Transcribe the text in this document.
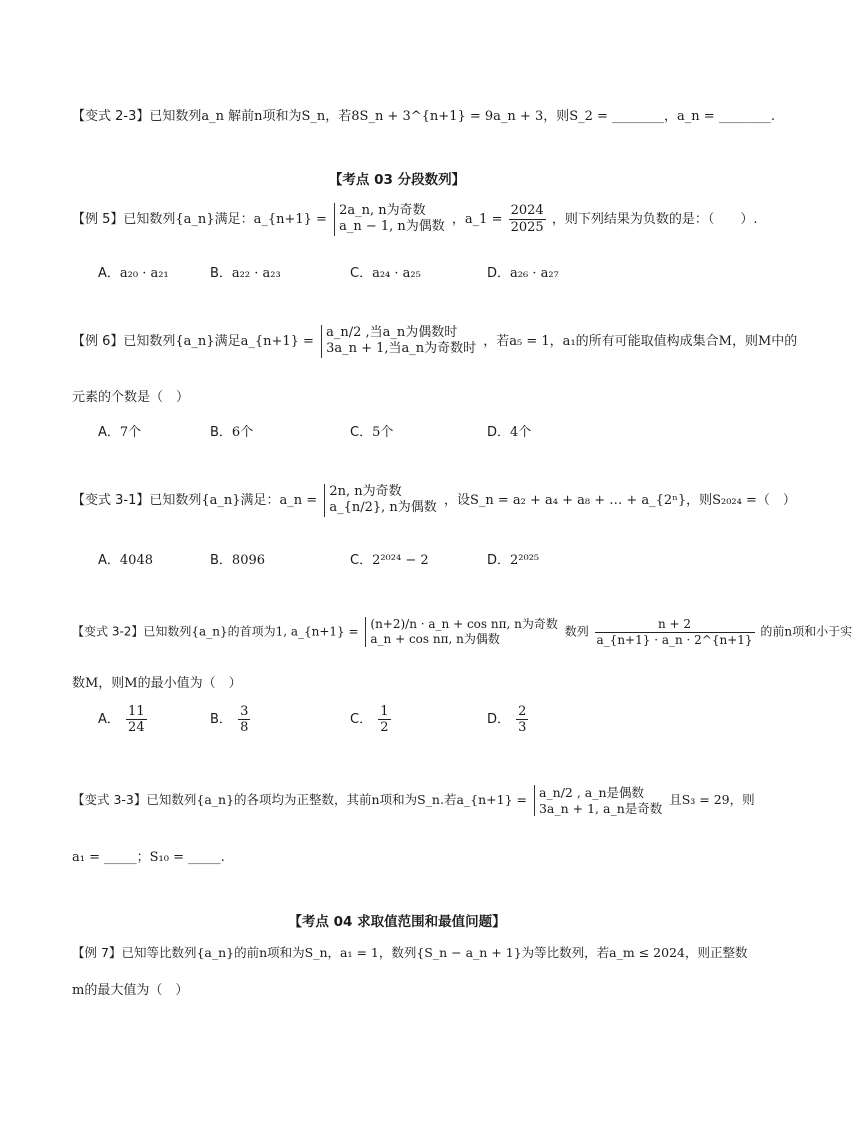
【变式 2-3】已知数列a_n 解前n项和为S_n，若8S_n + 3^{n+1} = 9a_n + 3，则S_2 = ________，a_n = ________.
【考点 03 分段数列】
【例 5】已知数列{a_n}满足：a_{n+1} =
2a_n, n为奇数
a_n − 1, n为偶数 ，a_1 = $\frac{2024}{2025}$ ，则下列结果为负数的是：（　　）.
A．a₂₀ · a₂₁	B．a₂₂ · a₂₃	C．a₂₄ · a₂₅	D．a₂₆ · a₂₇
【例 6】已知数列{a_n}满足a_{n+1} =
a_n/2 ,当a_n为偶数时
3a_n + 1,当a_n为奇数时 ，若a₅ = 1，a₁的所有可能取值构成集合M，则M中的
元素的个数是（　）
A．7个	B．6个	C．5个	D．4个
【变式 3-1】已知数列{a_n}满足：a_n =
2n, n为奇数
a_{n/2}, n为偶数 ，设S_n = a₂ + a₄ + a₈ + … + a_{2ⁿ}，则S₂₀₂₄ =（　）
A．4048	B．8096	C．2²⁰²⁴ − 2	D．2²⁰²⁵
【变式 3-2】已知数列{a_n}的首项为1, a_{n+1} =
(n+2)/n · a_n + cos nπ, n为奇数
a_n + cos nπ, n为偶数
数列 $\frac{n + 2}{a\_\{n+1\} \cdot a\_n \cdot 2\^{}\{n+1\}}$ 的前n项和小于实
数M，则M的最小值为（　）
A． $\frac{11}{24}$	B． $\frac{3}{8}$	C． $\frac{1}{2}$	D． $\frac{2}{3}$
【变式 3-3】已知数列{a_n}的各项均为正整数，其前n项和为S_n.若a_{n+1} = a_n/2 , a_n是偶数
3a_n + 1, a_n是奇数
且S₃ = 29，则
a₁ = _____；S₁₀ = _____.
【考点 04 求取值范围和最值问题】
【例 7】已知等比数列{a_n}的前n项和为S_n，a₁ = 1，数列{S_n − a_n + 1}为等比数列，若a_m ≤ 2024，则正整数
m的最大值为（　）
